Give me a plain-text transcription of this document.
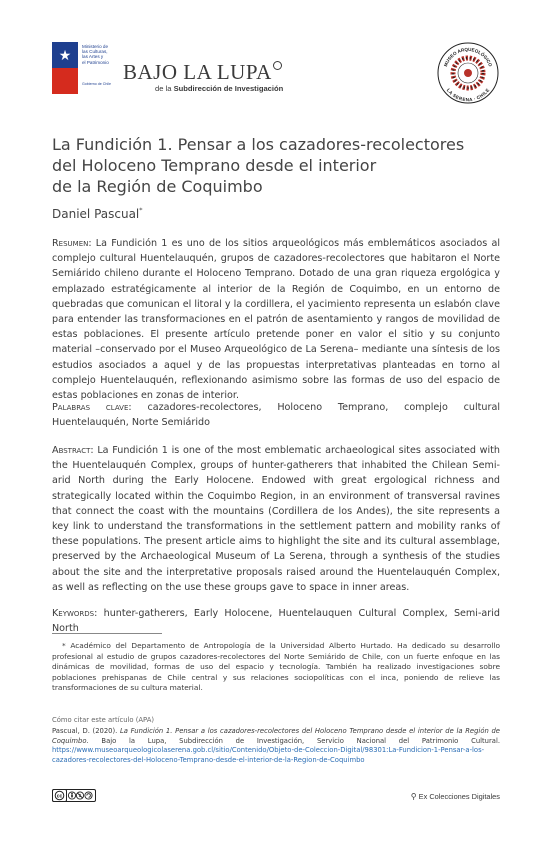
★
Ministerio de
las Culturas,
las Artes y
el Patrimonio
Gobierno de Chile BAJO LA LUPA
de la Subdirección de Investigación
MUSEO ARQUEOLÓGICO
LA SERENA · CHILE
La Fundición 1. Pensar a los cazadores-recolectores
del Holoceno Temprano desde el interior
de la Región de Coquimbo
Daniel Pascual*
Resumen: La Fundición 1 es uno de los sitios arqueológicos más emblemáticos asociados al complejo cultural Huentelauquén, grupos de cazadores-recolectores que habitaron el Norte Semiárido chileno durante el Holoceno Temprano. Dotado de una gran riqueza ergológica y emplazado estratégicamente al interior de la Región de Coquimbo, en un entorno de quebradas que comunican el litoral y la cordillera, el yacimiento representa un eslabón clave para entender las transformaciones en el patrón de asentamiento y rangos de movilidad de estas poblaciones. El presente artículo pretende poner en valor el sitio y su conjunto material –conservado por el Museo Arqueológico de La Serena– mediante una síntesis de los estudios asociados a aquel y de las propuestas interpretativas planteadas en torno al complejo Huentelauquén, reflexionando asimismo sobre las formas de uso del espacio de estas poblaciones en zonas de interior.
Palabras clave: cazadores-recolectores, Holoceno Temprano, complejo cultural Huentelauquén, Norte Semiárido
Abstract: La Fundición 1 is one of the most emblematic archaeological sites associated with the Huentelauquén Complex, groups of hunter-gatherers that inhabited the Chilean Semi-arid North during the Early Holocene. Endowed with great ergological richness and strategically located within the Coquimbo Region, in an environment of transversal ravines that connect the coast with the mountains (Cordillera de los Andes), the site represents a key link to understand the transformations in the settlement pattern and mobility ranks of these populations. The present article aims to highlight the site and its cultural assemblage, preserved by the Archaeological Museum of La Serena, through a synthesis of the studies about the site and the interpretative proposals raised around the Huentelauquén Complex, as well as reflecting on the use these groups gave to space in inner areas.
Keywords: hunter-gatherers, Early Holocene, Huentelauquen Cultural Complex, Semi-arid North
* Académico del Departamento de Antropología de la Universidad Alberto Hurtado. Ha dedicado su desarrollo profesional al estudio de grupos cazadores-recolectores del Norte Semiárido de Chile, con un fuerte enfoque en las dinámicas de movilidad, formas de uso del espacio y tecnología. También ha realizado investigaciones sobre poblaciones prehispanas de Chile central y sus relaciones sociopolíticas con el inca, poniendo de relieve las transformaciones de su cultura material.
Cómo citar este artículo (APA)
Pascual, D. (2020). La Fundición 1. Pensar a los cazadores-recolectores del Holoceno Temprano desde el interior de la Región de Coquimbo. Bajo la Lupa, Subdirección de Investigación, Servicio Nacional del Patrimonio Cultural. https://www.museoarqueologicolaserena.gob.cl/sitio/Contenido/Objeto-de-Coleccion-Digital/98301:La-Fundicion-1-Pensar-a-los-cazadores-recolectores-del-Holoceno-Temprano-desde-el-interior-de-la-Region-de-Coquimbo
cc	⚲ Ex Colecciones Digitales
